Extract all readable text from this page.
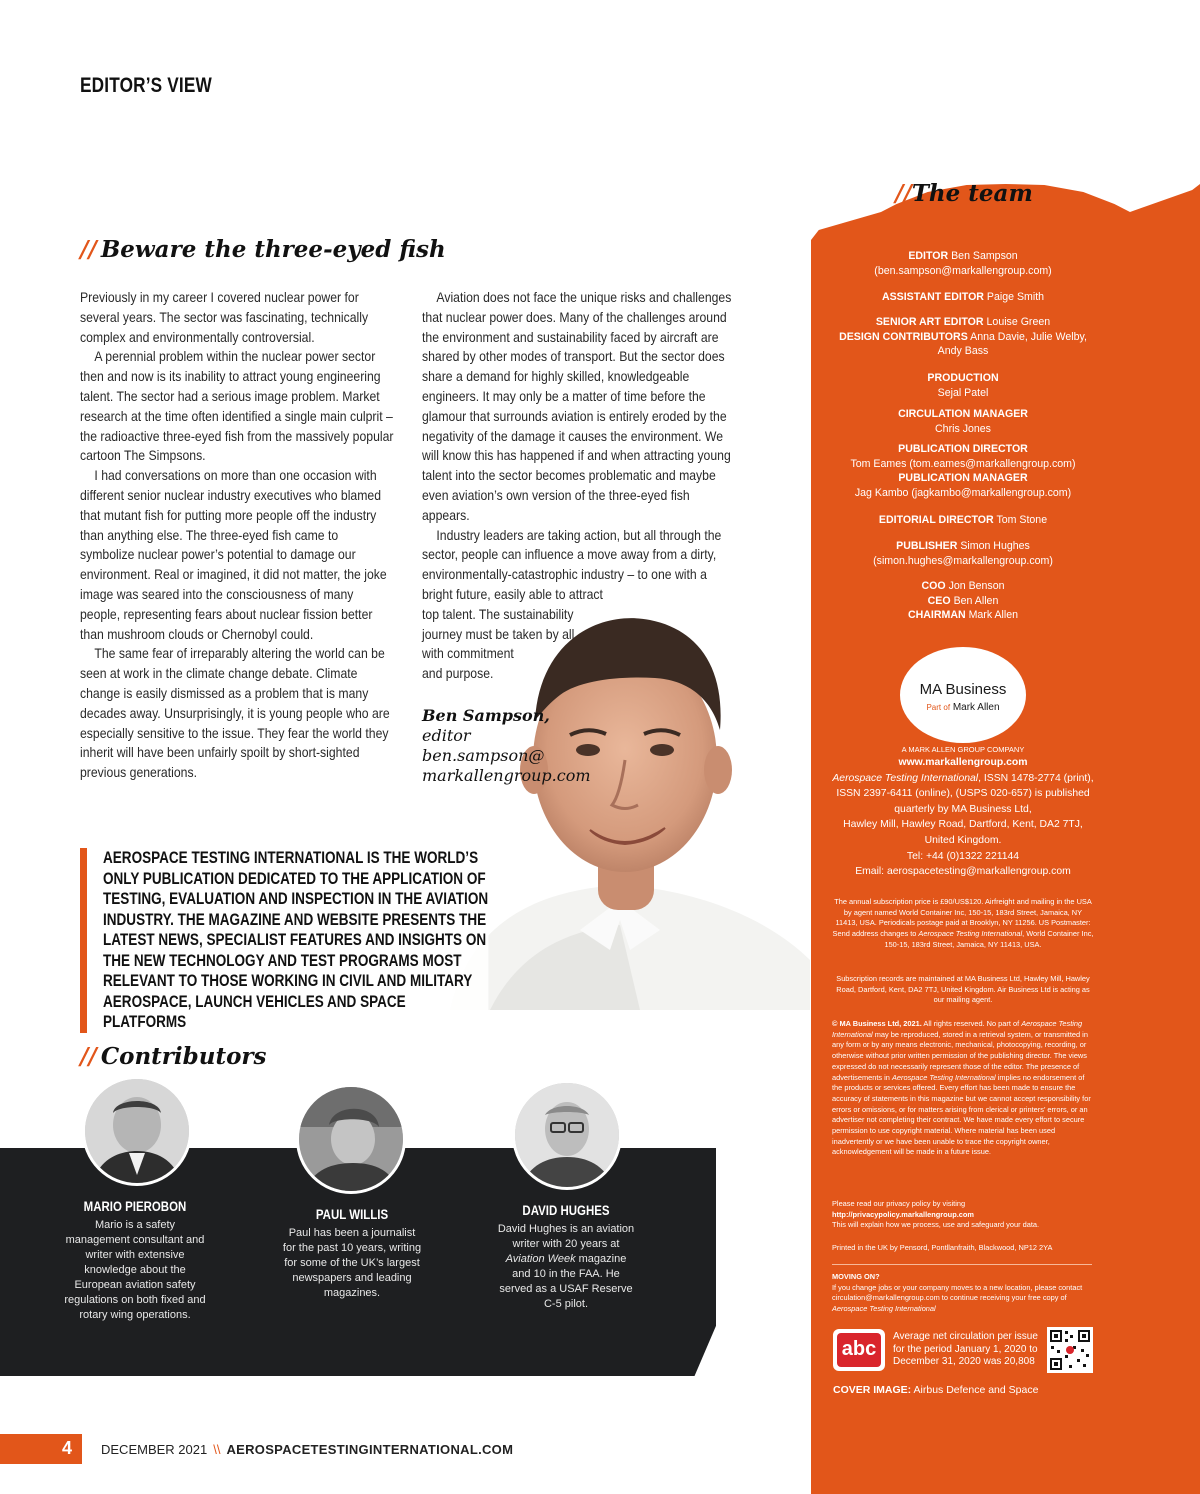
EDITOR’S VIEW
// Beware the three-eyed fish

Previously in my career I covered nuclear power for several years. The sector was fascinating, technically complex and environmentally controversial.

A perennial problem within the nuclear power sector then and now is its inability to attract young engineering talent. The sector had a serious image problem. Market research at the time often identified a single main culprit – the radioactive three-eyed fish from the massively popular cartoon The Simpsons.

I had conversations on more than one occasion with different senior nuclear industry executives who blamed that mutant fish for putting more people off the industry than anything else. The three-eyed fish came to symbolize nuclear power’s potential to damage our environment. Real or imagined, it did not matter, the joke image was seared into the consciousness of many people, representing fears about nuclear fission better than mushroom clouds or Chernobyl could.

The same fear of irreparably altering the world can be seen at work in the climate change debate. Climate change is easily dismissed as a problem that is many decades away. Unsurprisingly, it is young people who are especially sensitive to the issue. They fear the world they inherit will have been unfairly spoilt by short-sighted previous generations.

Aviation does not face the unique risks and challenges that nuclear power does. Many of the challenges around the environment and sustainability faced by aircraft are shared by other modes of transport. But the sector does share a demand for highly skilled, knowledgeable engineers. It may only be a matter of time before the glamour that surrounds aviation is entirely eroded by the negativity of the damage it causes the environment. We will know this has happened if and when attracting young talent into the sector becomes problematic and maybe even aviation’s own version of the three-eyed fish appears.

Industry leaders are taking action, but all through the sector, people can influence a move away from a dirty, environmentally-catastrophic industry – to one with a bright future, easily able to attract

top talent. The sustainability
journey must be taken by all,
with commitment
and purpose.
Ben Sampson,
editor
ben.sampson@
markallengroup.com
AEROSPACE TESTING INTERNATIONAL IS THE WORLD’S ONLY PUBLICATION DEDICATED TO THE APPLICATION OF TESTING, EVALUATION AND INSPECTION IN THE AVIATION INDUSTRY. THE MAGAZINE AND WEBSITE PRESENTS THE LATEST NEWS, SPECIALIST FEATURES AND INSIGHTS ON THE NEW TECHNOLOGY AND TEST PROGRAMS MOST RELEVANT TO THOSE WORKING IN CIVIL AND MILITARY AEROSPACE, LAUNCH VEHICLES AND SPACE PLATFORMS
// Contributors
MARIO PIEROBON
Mario is a safety management consultant and writer with extensive knowledge about the European aviation safety regulations on both fixed and rotary wing operations.
PAUL WILLIS
Paul has been a journalist for the past 10 years, writing for some of the UK’s largest newspapers and leading magazines.
DAVID HUGHES
David Hughes is an aviation writer with 20 years at Aviation Week magazine and 10 in the FAA. He served as a USAF Reserve C-5 pilot.
//The team
EDITOR Ben Sampson
(ben.sampson@markallengroup.com)
ASSISTANT EDITOR Paige Smith
SENIOR ART EDITOR Louise Green
DESIGN CONTRIBUTORS Anna Davie, Julie Welby,
Andy Bass
PRODUCTION
Sejal Patel
CIRCULATION MANAGER
Chris Jones
PUBLICATION DIRECTOR
Tom Eames (tom.eames@markallengroup.com)
PUBLICATION MANAGER
Jag Kambo (jagkambo@markallengroup.com)
EDITORIAL DIRECTOR Tom Stone
PUBLISHER Simon Hughes
(simon.hughes@markallengroup.com)
COO Jon Benson
CEO Ben Allen
CHAIRMAN Mark Allen
MA Business
Part of Mark Allen
A MARK ALLEN GROUP COMPANY
www.markallengroup.com
Aerospace Testing International, ISSN 1478-2774 (print),
ISSN 2397-6411 (online), (USPS 020-657) is published
quarterly by MA Business Ltd,
Hawley Mill, Hawley Road, Dartford, Kent, DA2 7TJ,
United Kingdom.
Tel: +44 (0)1322 221144
Email: aerospacetesting@markallengroup.com
The annual subscription price is £90/US$120. Airfreight and mailing in the USA by agent named World Container Inc, 150-15, 183rd Street, Jamaica, NY 11413, USA. Periodicals postage paid at Brooklyn, NY 11256. US Postmaster: Send address changes to Aerospace Testing International, World Container Inc, 150-15, 183rd Street, Jamaica, NY 11413, USA.
Subscription records are maintained at MA Business Ltd, Hawley Mill, Hawley Road, Dartford, Kent, DA2 7TJ, United Kingdom. Air Business Ltd is acting as our mailing agent.
© MA Business Ltd, 2021. All rights reserved. No part of Aerospace Testing International may be reproduced, stored in a retrieval system, or transmitted in any form or by any means electronic, mechanical, photocopying, recording, or otherwise without prior written permission of the publishing director. The views expressed do not necessarily represent those of the editor. The presence of advertisements in Aerospace Testing International implies no endorsement of the products or services offered. Every effort has been made to ensure the accuracy of statements in this magazine but we cannot accept responsibility for errors or omissions, or for matters arising from clerical or printers’ errors, or an advertiser not completing their contract. We have made every effort to secure permission to use copyright material. Where material has been used inadvertently or we have been unable to trace the copyright owner, acknowledgement will be made in a future issue.
Please read our privacy policy by visiting
http://privacypolicy.markallengroup.com
This will explain how we process, use and safeguard your data.
Printed in the UK by Pensord, Pontllanfraith, Blackwood, NP12 2YA
MOVING ON?
If you change jobs or your company moves to a new location, please contact circulation@markallengroup.com to continue receiving your free copy of Aerospace Testing International
abc
Average net circulation per issue for the period January 1, 2020 to December 31, 2020 was 20,808
COVER IMAGE: Airbus Defence and Space
4 DECEMBER 2021 \\ AEROSPACETESTINGINTERNATIONAL.COM
